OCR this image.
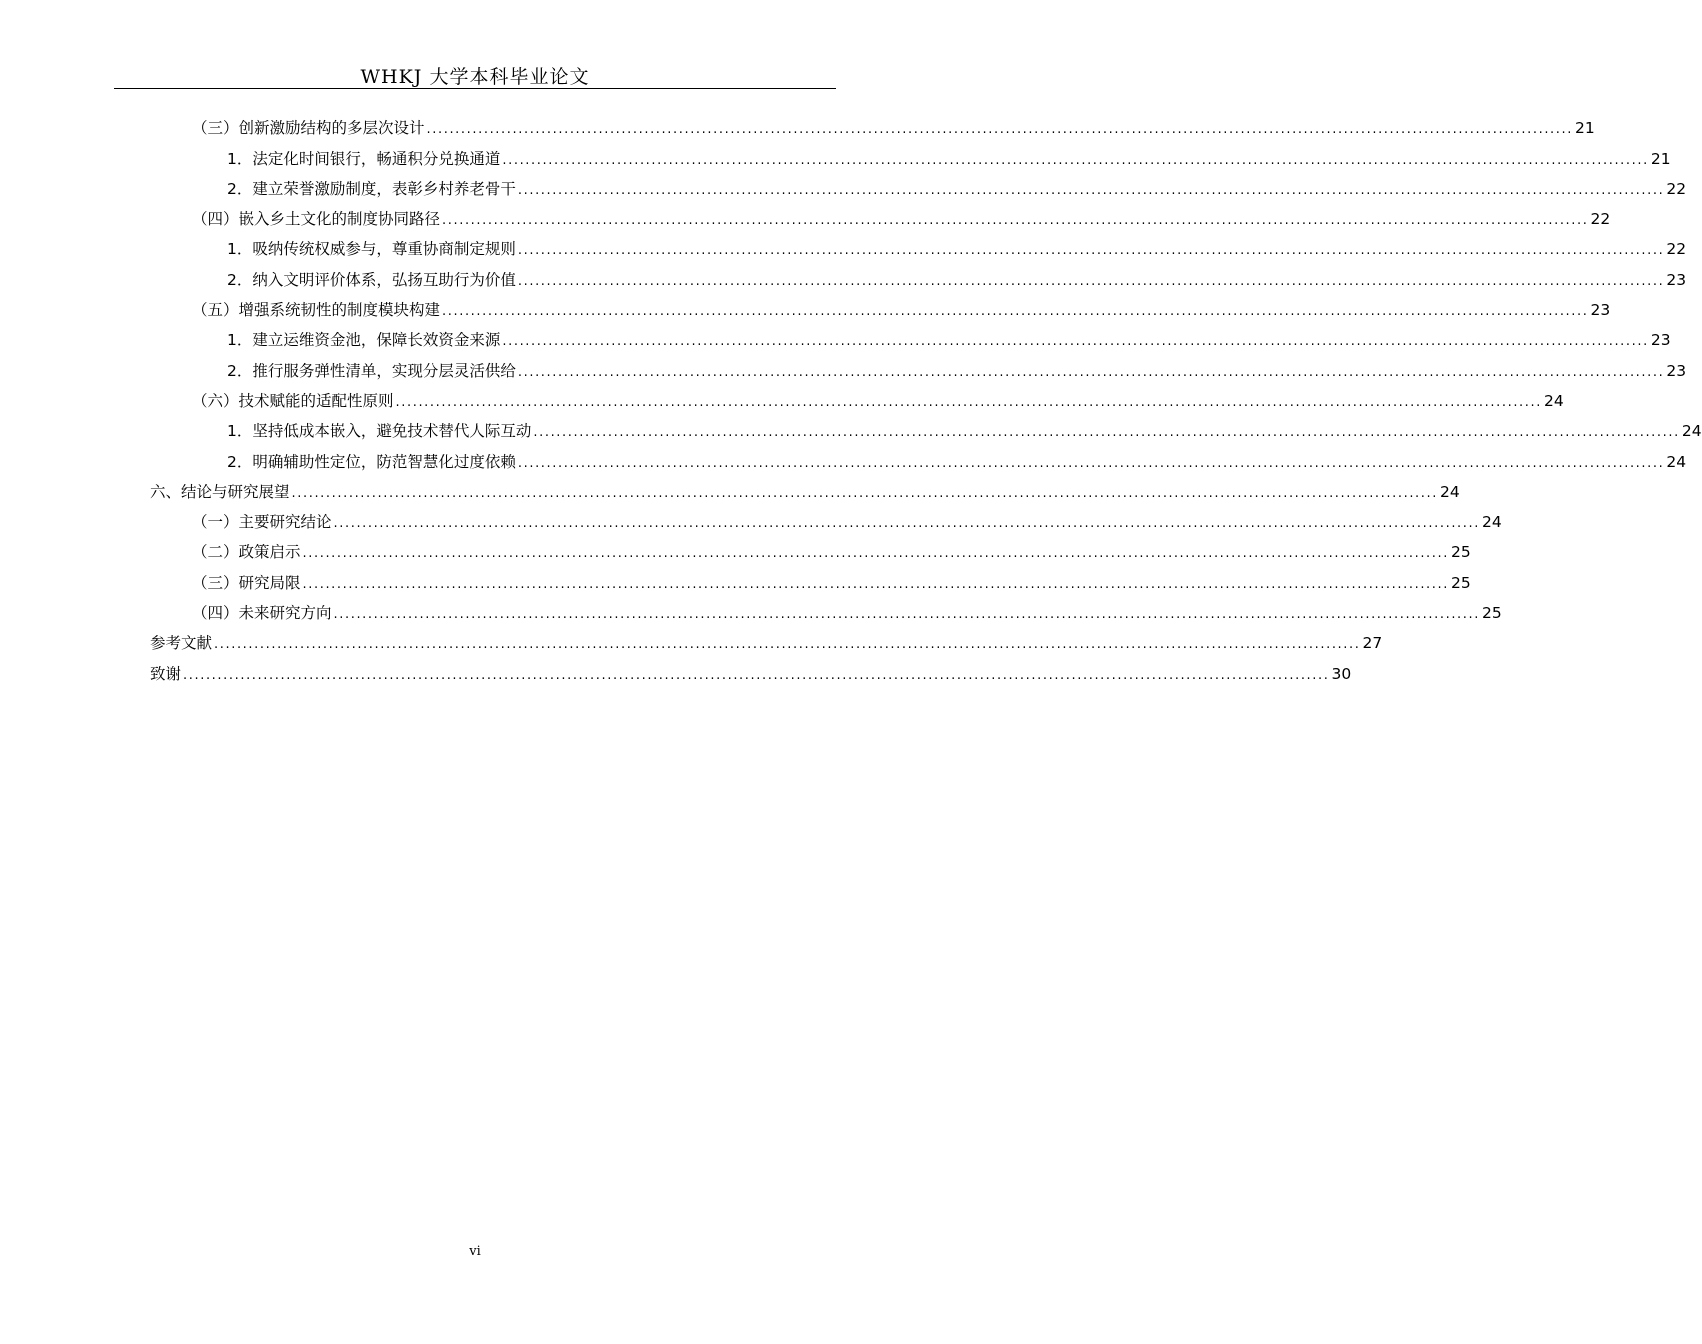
WHKJ 大学本科毕业论文
（三）创新激励结构的多层次设计 ........................................................................................................................................................................................................ 21
1．法定化时间银行，畅通积分兑换通道 ........................................................................................................................................................................................................ 21
2．建立荣誉激励制度，表彰乡村养老骨干 ........................................................................................................................................................................................................ 22
（四）嵌入乡土文化的制度协同路径 ........................................................................................................................................................................................................ 22
1．吸纳传统权威参与，尊重协商制定规则 ........................................................................................................................................................................................................ 22
2．纳入文明评价体系，弘扬互助行为价值 ........................................................................................................................................................................................................ 23
（五）增强系统韧性的制度模块构建 ........................................................................................................................................................................................................ 23
1．建立运维资金池，保障长效资金来源 ........................................................................................................................................................................................................ 23
2．推行服务弹性清单，实现分层灵活供给 ........................................................................................................................................................................................................ 23
（六）技术赋能的适配性原则 ........................................................................................................................................................................................................ 24
1．坚持低成本嵌入，避免技术替代人际互动 ........................................................................................................................................................................................................ 24
2．明确辅助性定位，防范智慧化过度依赖 ........................................................................................................................................................................................................ 24
六、结论与研究展望 ........................................................................................................................................................................................................ 24
（一）主要研究结论 ........................................................................................................................................................................................................ 24
（二）政策启示 ........................................................................................................................................................................................................ 25
（三）研究局限 ........................................................................................................................................................................................................ 25
（四）未来研究方向 ........................................................................................................................................................................................................ 25
参考文献 ........................................................................................................................................................................................................ 27
致谢 ........................................................................................................................................................................................................ 30
vi
